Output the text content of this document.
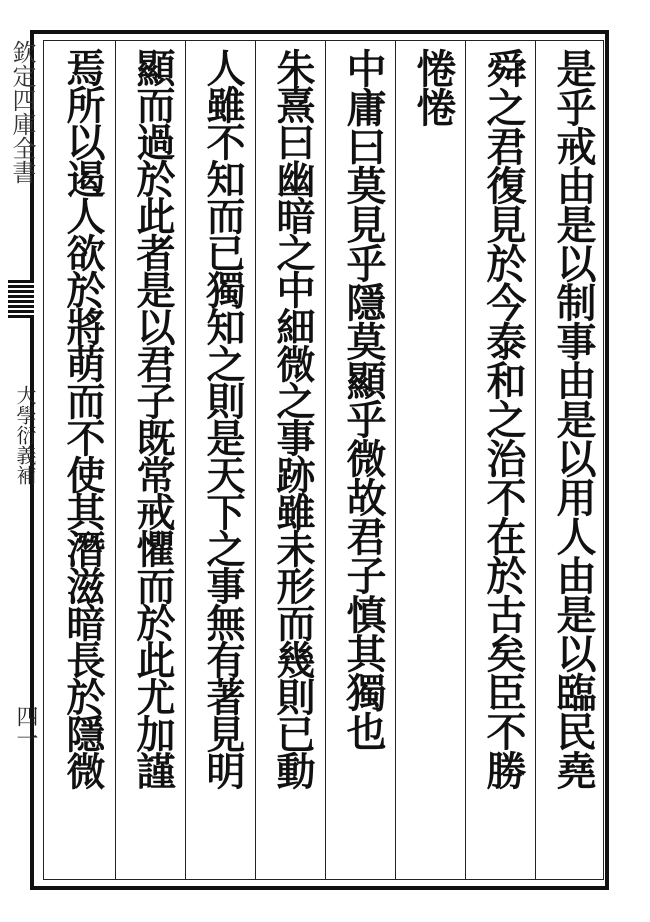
欽定四庫全書
大學衍義補
四一	是乎戒由是以制事由是以用人由是以臨民堯
舜之君復見於今泰和之治不在於古矣臣不勝
惓惓
中庸曰莫見乎隱莫顯乎微故君子慎其獨也
朱熹曰幽暗之中細微之事跡雖未形而幾則已動
人雖不知而已獨知之則是天下之事無有著見明
顯而過於此者是以君子既常戒懼而於此尤加謹
焉所以遏人欲於將萌而不使其潛滋暗長於隱微
